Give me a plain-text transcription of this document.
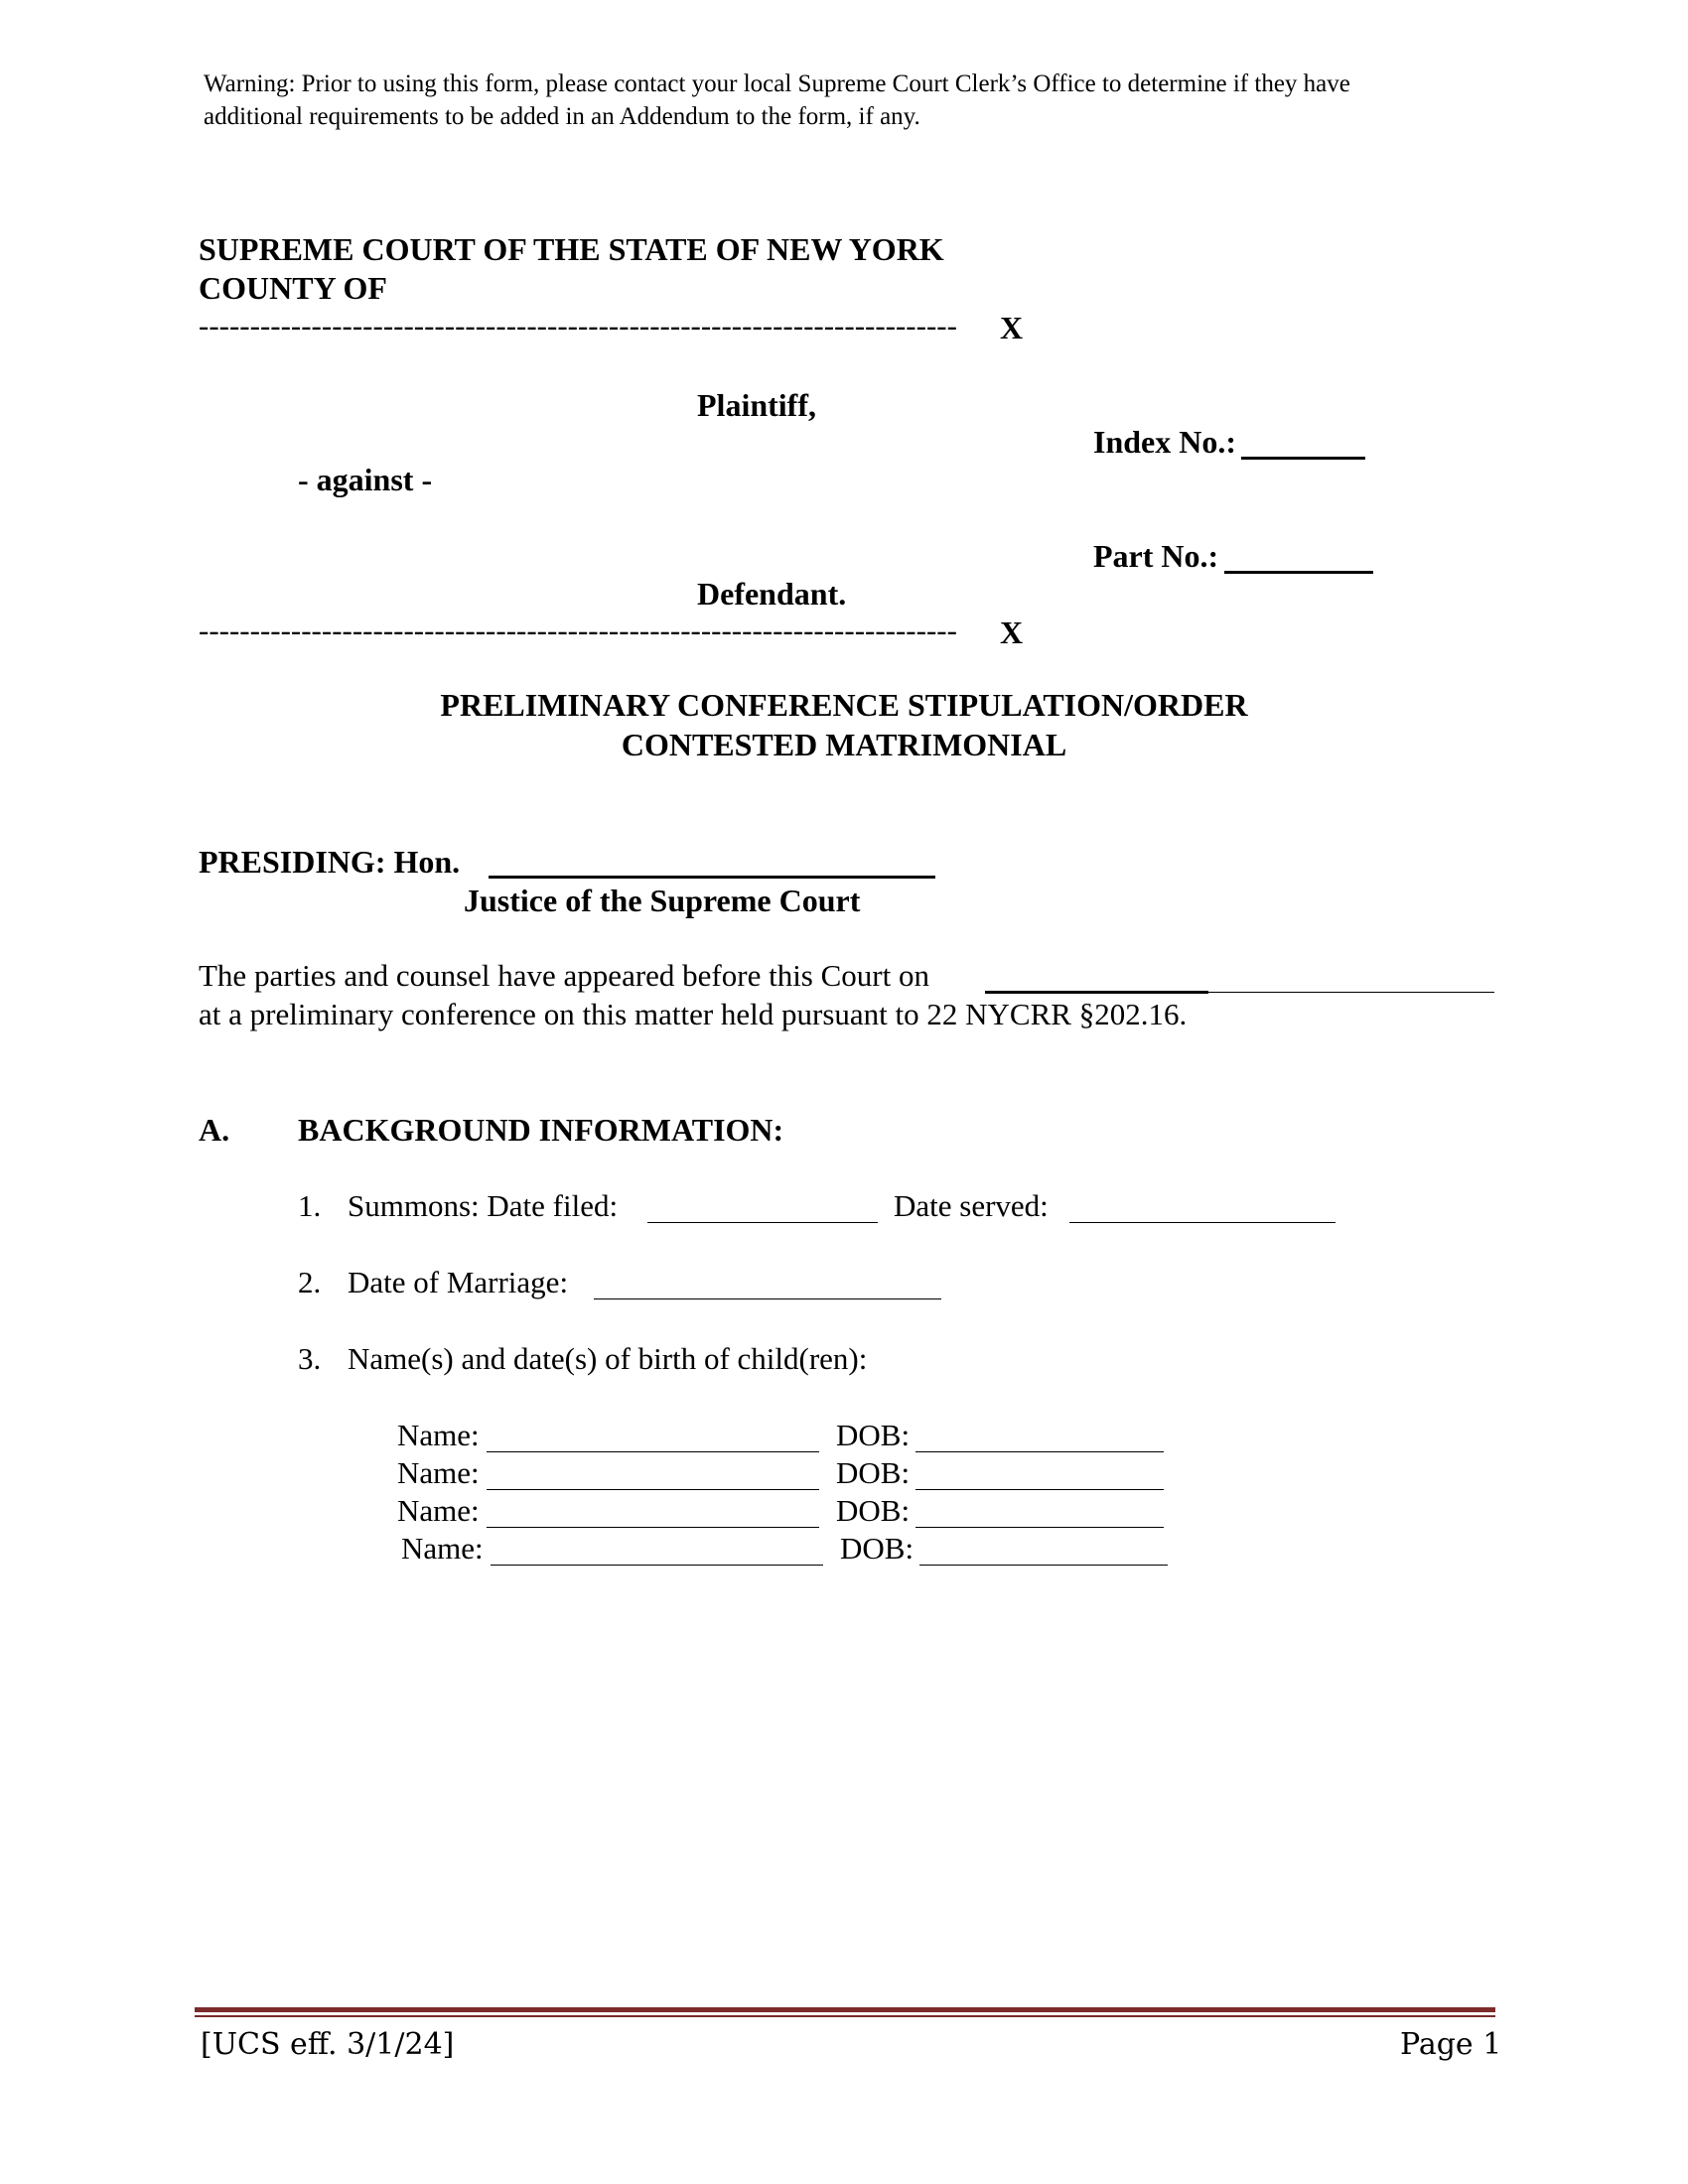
Warning: Prior to using this form, please contact your local Supreme Court Clerk’s Office to determine if they have
additional requirements to be added in an Addendum to the form, if any.
SUPREME COURT OF THE STATE OF NEW YORK
COUNTY OF
--------------------------------------------------------------------------	X
Plaintiff,
Index No.:
- against -
Part No.:
Defendant.
--------------------------------------------------------------------------	X
PRELIMINARY CONFERENCE STIPULATION/ORDER
CONTESTED MATRIMONIAL
PRESIDING: Hon.
Justice of the Supreme Court
The parties and counsel have appeared before this Court on
at a preliminary conference on this matter held pursuant to 22 NYCRR §202.16.
A. BACKGROUND INFORMATION:
1. Summons: Date filed:	Date served:
2. Date of Marriage:
3. Name(s) and date(s) of birth of child(ren):
Name:	DOB:
Name:	DOB:
Name:	DOB:
Name:	DOB:
[UCS eff. 3/1/24]	Page 1
